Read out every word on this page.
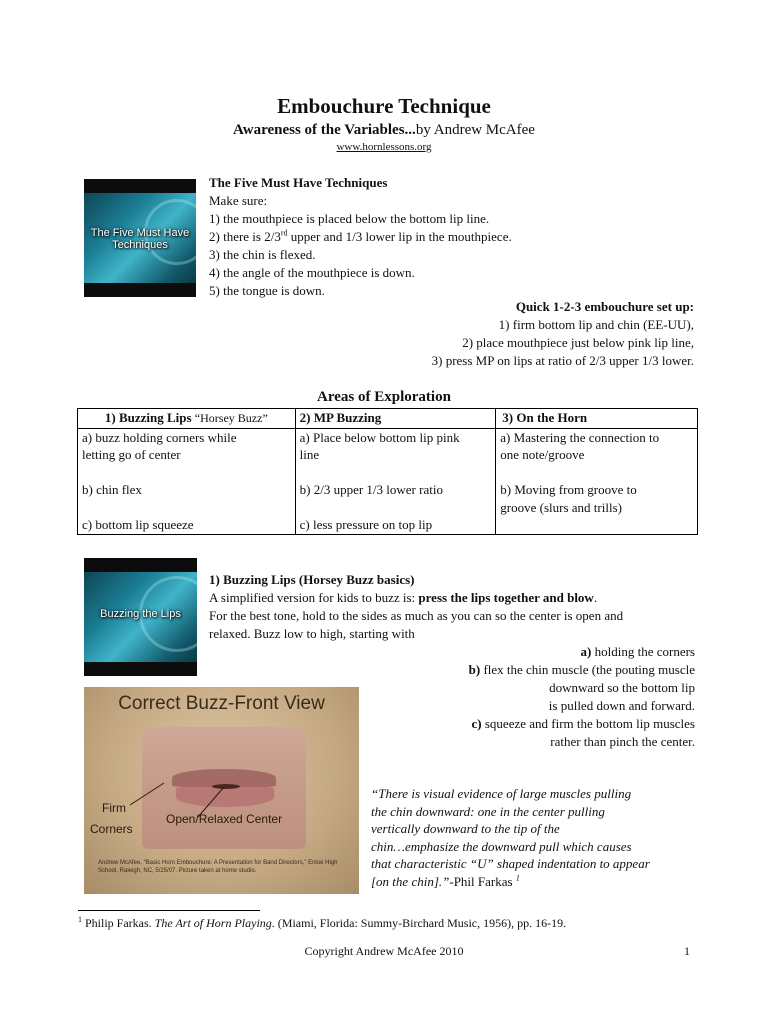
Embouchure Technique
Awareness of the Variables...by Andrew McAfee
www.hornlessons.org
The Five Must Have Techniques
The Five Must Have Techniques
Make sure:
1) the mouthpiece is placed below the bottom lip line.
2) there is 2/3rd upper and 1/3 lower lip in the mouthpiece.
3) the chin is flexed.
4) the angle of the mouthpiece is down.
5) the tongue is down.
Quick 1-2-3 embouchure set up:
1) firm bottom lip and chin (EE-UU),
2) place mouthpiece just below pink lip line,
3) press MP on lips at ratio of 2/3 upper 1/3 lower.
Areas of Exploration
1) Buzzing Lips “Horsey Buzz”	2) MP Buzzing	3) On the Horn

a) buzz holding corners while
letting go of center

b) chin flex

c) bottom lip squeeze	a) Place below bottom lip pink
line

b) 2/3 upper 1/3 lower ratio

c) less pressure on top lip	a) Mastering the connection to
one note/groove

b) Moving from groove to
groove (slurs and trills)
Buzzing the Lips
1) Buzzing Lips (Horsey Buzz basics)
A simplified version for kids to buzz is: press the lips together and blow.
For the best tone, hold to the sides as much as you can so the center is open and
relaxed. Buzz low to high, starting with
a) holding the corners
b) flex the chin muscle (the pouting muscle
downward so the bottom lip
is pulled down and forward.
c) squeeze and firm the bottom lip muscles
rather than pinch the center.
Correct Buzz-Front View
Firm
Corners
Open/Relaxed Center
Andrew McAfee, “Basic Horn Embouchure: A Presentation for Band Directors,” Enloe High School, Raleigh, NC, 5/25/07. Picture taken at home studio.
“There is visual evidence of large muscles pulling
the chin downward: one in the center pulling
vertically downward to the tip of the
chin…emphasize the downward pull which causes
that characteristic “U” shaped indentation to appear
[on the chin].”-Phil Farkas $^1$
$^1$ Philip Farkas. The Art of Horn Playing. (Miami, Florida: Summy-Birchard Music, 1956), pp. 16-19.
Copyright Andrew McAfee 2010	1
